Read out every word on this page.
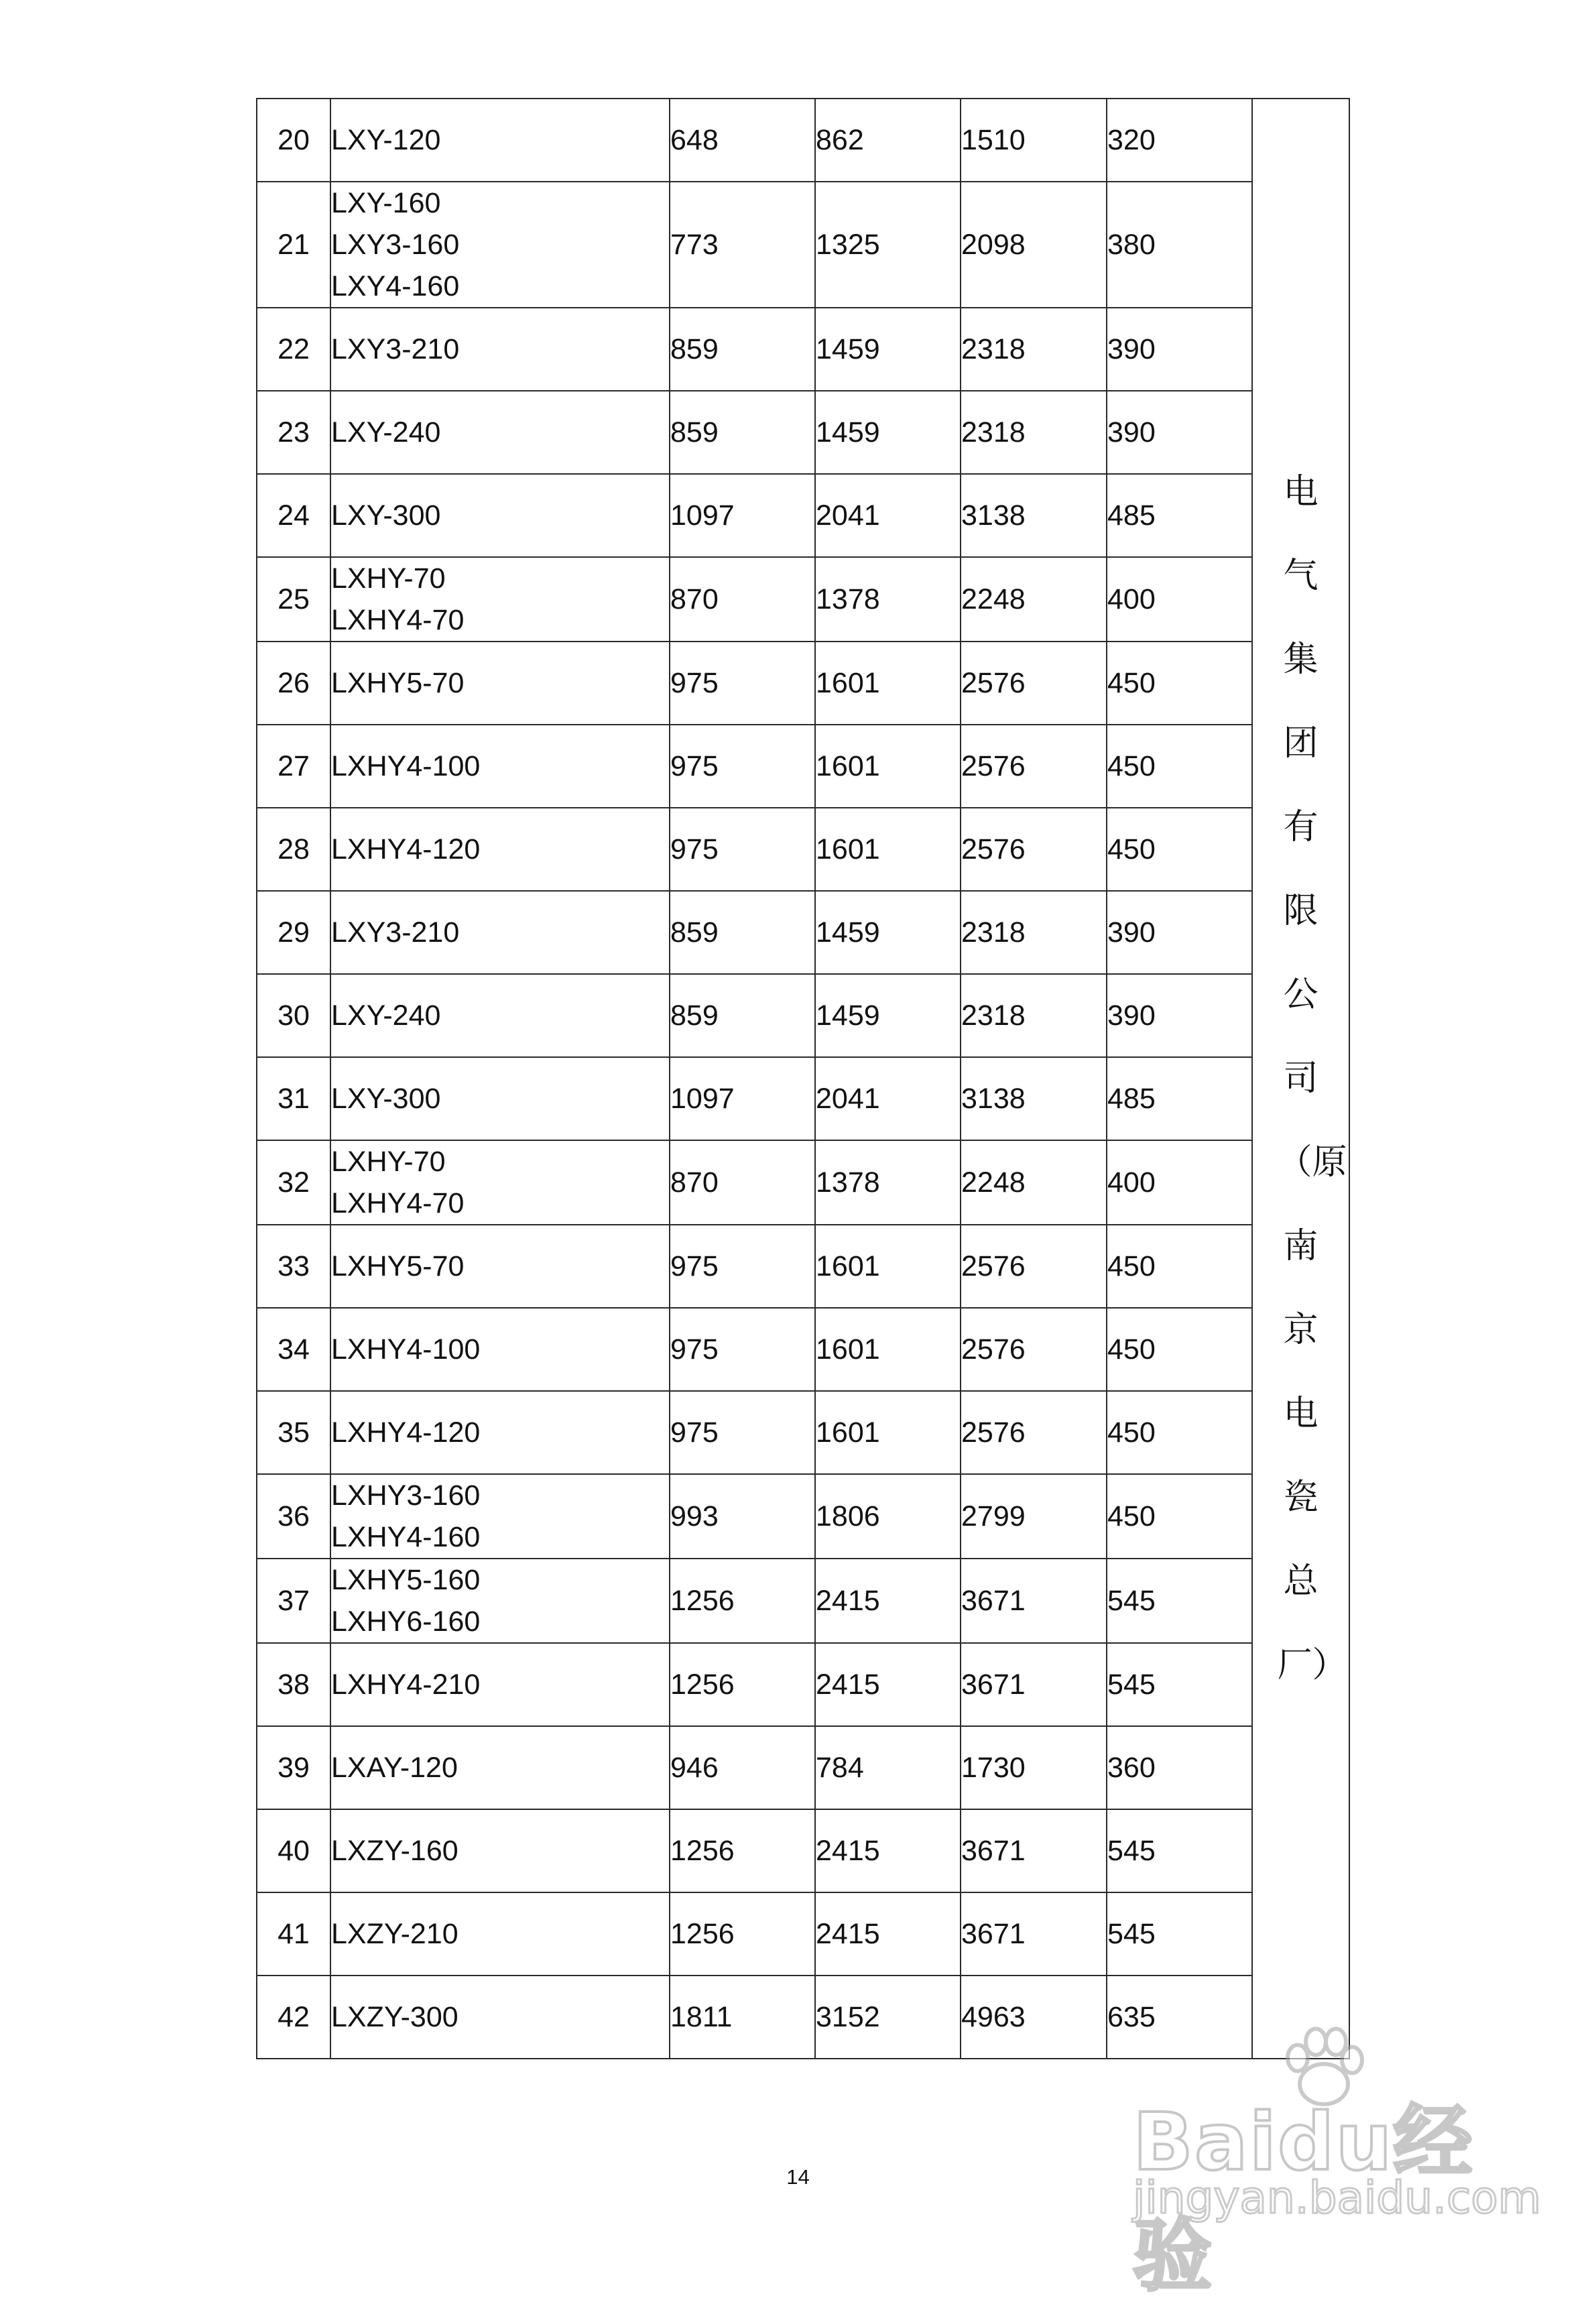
20	LXY-120	648	862	1510	320	电气集团有限公司（原南京电瓷总厂）

21	LXY-160
LXY3-160
LXY4-160	773	1325	2098	380	
22	LXY3-210	859	1459	2318	390	
23	LXY-240	859	1459	2318	390	
24	LXY-300	1097	2041	3138	485	
25	LXHY-70
LXHY4-70	870	1378	2248	400	
26	LXHY5-70	975	1601	2576	450	
27	LXHY4-100	975	1601	2576	450	
28	LXHY4-120	975	1601	2576	450	
29	LXY3-210	859	1459	2318	390	
30	LXY-240	859	1459	2318	390	
31	LXY-300	1097	2041	3138	485	
32	LXHY-70
LXHY4-70	870	1378	2248	400	
33	LXHY5-70	975	1601	2576	450	
34	LXHY4-100	975	1601	2576	450	
35	LXHY4-120	975	1601	2576	450	
36	LXHY3-160
LXHY4-160	993	1806	2799	450	
37	LXHY5-160
LXHY6-160	1256	2415	3671	545	
38	LXHY4-210	1256	2415	3671	545	
39	LXAY-120	946	784	1730	360	
40	LXZY-160	1256	2415	3671	545	
41	LXZY-210	1256	2415	3671	545	
42	LXZY-300	1811	3152	4963	635	
14	Baidu经验
jingyan.baidu.com
